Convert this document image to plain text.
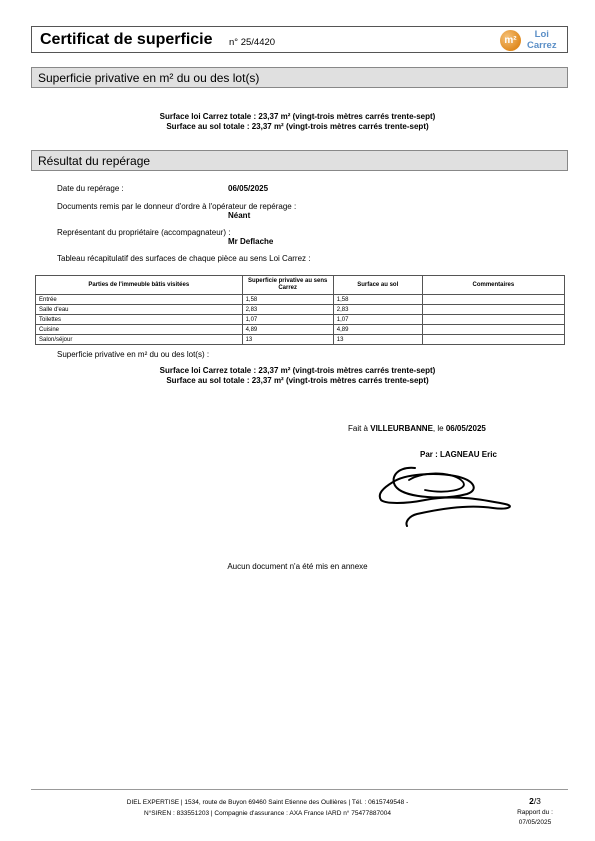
Certificat de superficie n° 25/4420	m²
Loi
Carrez
Superficie privative en m² du ou des lot(s)
Surface loi Carrez totale : 23,37 m² (vingt-trois mètres carrés trente-sept)
Surface au sol totale : 23,37 m² (vingt-trois mètres carrés trente-sept)
Résultat du repérage
Date du repérage :	06/05/2025
Documents remis par le donneur d'ordre à l'opérateur de repérage :
Néant
Représentant du propriétaire (accompagnateur) :
Mr Deflache
Tableau récapitulatif des surfaces de chaque pièce au sens Loi Carrez :
Parties de l'immeuble bâtis visitées	Superficie privative au sens Carrez	Surface au sol	Commentaires
Entrée	1,58	1,58	
Salle d'eau	2,83	2,83	
Toilettes	1,07	1,07	
Cuisine	4,89	4,89	
Salon/séjour	13	13	
Superficie privative en m² du ou des lot(s) :
Surface loi Carrez totale : 23,37 m² (vingt-trois mètres carrés trente-sept)
Surface au sol totale : 23,37 m² (vingt-trois mètres carrés trente-sept)
Fait à VILLEURBANNE, le 06/05/2025
Par : LAGNEAU Eric
Aucun document n'a été mis en annexe
DIEL EXPERTISE | 1534, route de Buyon 69460 Saint Etienne des Oullières | Tél. : 0615749548 -
N°SIREN : 833551203 | Compagnie d'assurance : AXA France IARD n° 75477887004
2/3
Rapport du :
07/05/2025
